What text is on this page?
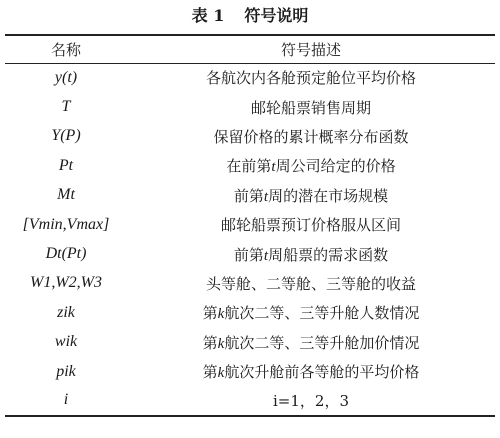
表 1 符号说明
名称	符号描述
y(t)	各航次内各舱预定舱位平均价格
T	邮轮船票销售周期
Y(P)	保留价格的累计概率分布函数
Pt	在前第t周公司给定的价格
Mt	前第t周的潜在市场规模
[Vmin,Vmax]	邮轮船票预订价格服从区间
Dt(Pt)	前第t周船票的需求函数
W1,W2,W3	头等舱、二等舱、三等舱的收益
zik	第k航次二等、三等升舱人数情况
wik	第k航次二等、三等升舱加价情况
pik	第k航次升舱前各等舱的平均价格
i	i=1，2，3
